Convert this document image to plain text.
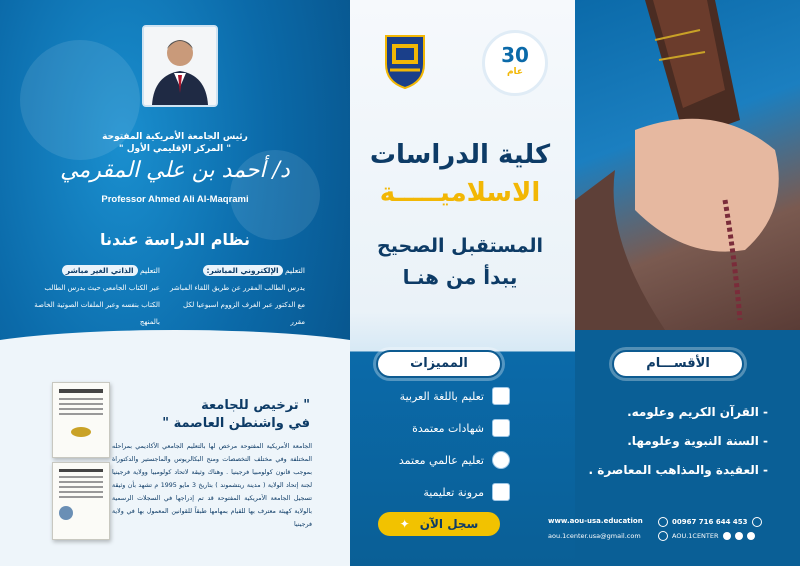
رئيس الجامعة الأمريكية المفتوحة
" المركز الإقليمي الأول "
د/ أحمد بن علي المقرمي
Professor Ahmed Ali Al-Maqrami
نظام الدراسة عندنا
التعليم الإلكتروني المباشر:
يدرس الطالب المقرر عن طريق اللقاء المباشر مع الدكتور عبر الغرف الزووم اسبوعيا لكل مقرر
التعليم الذاتي الغير مباشر
عبر الكتاب الجامعي حيث يدرس الطالب الكتاب بنفسه وعبر الملفات الصوتية الخاصة بالمنهج
" ترخيص للجامعة
في واشنطن العاصمة "
الجامعة الأمريكية المفتوحة مرخص لها بالتعليم الجامعي الأكاديمي بمراحله المختلفة وفي مختلف التخصصات ومنح البكالريوس والماجستير والدكتوراة بموجب قانون كولومبيا فرجينيا . وهناك وثيقة لاتحاد كولومبيا وولاية فرجينيا لجنة إتحاد الولاية ( مدينة ريتشموند ) بتاريخ 3 مايو 1995 م تشهد بأن وثيقة تسجيل الجامعة الأمريكية المفتوحة قد تم إدراجها في السجلات الرسمية بالولاية كهيئة معترف بها للقيام بمهامها طبقاً للقوانين المعمول بها في ولاية فرجينيا
30
عام
كلية الدراسات
الاسلاميـــــة
المستقبل الصحيح
يبدأ من هنـا
المميزات
تعليم باللغة العربية
شهادات معتمدة
تعليم عالمي معتمد
مرونة تعليمية
سجل الآن
✦
الأقســـام
- القرآن الكريم وعلومه.
- السنة النبوية وعلومها.
- العقيدة والمذاهب المعاصرة .
www.aou-usa.education	00967 716 644 453
aou.1center.usa@gmail.com	AOU.1CENTER
